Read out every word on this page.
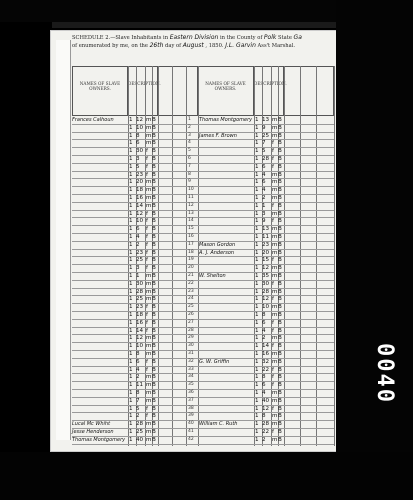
SCHEDULE 2.—Slave Inhabitants in Eastern Division in the County of Polk State Ga
of enumerated by me, on the 26th day of August , 1850. J.L. Garvin Ass't Marshal.
NAMES OF SLAVE OWNERS.
DESCRIPTION.	NAMES OF SLAVE OWNERS.
DESCRIPTION.
Frances Calhoun	1 12 m B	1 Thomas Montgomery 1 13 m B
1 10 m B	2	1 9 m B
1 8 m B	3 James F. Brown	1 25 m B
1 6 m B	4	1 7 f B
1 30 f B	5	1 5 f B
1 3 f B	6	1 28 f B
1 5 f B	7	1 6 f B
1 23 f B	8	1 4 m B
1 20 m B	9	1 6 m B
1 18 m B	10	1 4 m B
1 16 m B	11	1 2 m B
1 14 m B	12	1 1 f B
1 12 f B	13	1 3 m B
1 10 f B	14	1 9 f B
1 6 f B	15	1 13 m B
1 4 f B	16	1 11 m B
1 2 f B	17 Mason Gordon	1 23 m B
1 23 f B	18 A. J. Anderson	1 20 m B
1 25 f B	19	1 15 f B
1 3 f B	20	1 12 m B
1 1 m B	21 W. Shelton	1 35 m B
1 30 m B	22	1 30 f B
1 28 m B	23	1 28 m B
1 25 m B	24	1 12 f B
1 23 f B	25	1 10 m B
1 18 f B	26	1 8 m B
1 16 f B	27	1 6 f B
1 14 f B	28	1 4 f B
1 12 m B	29	1 2 m B
1 10 m B	30	1 14 f B
1 8 m B	31	1 16 m B
1 6 f B	32 G. W. Griffin	1 32 m B
1 4 f B	33	1 22 f B
1 2 m B	34	1 8 f B
1 11 m B	35	1 6 f B
1 8 m B	36	1 4 m B
1 7 m B	37	1 40 m B
1 5 f B	38	1 12 f B
1 2 f B	39	1 8 m B
Lucal Mc Whiht	1 28 m B	40 William C. Ruth	1 28 m B
Jesse Henderson	1 25 m B	41	1 22 f B
Thomas Montgomery 1 40 m B	42	1 2 m B
0040
